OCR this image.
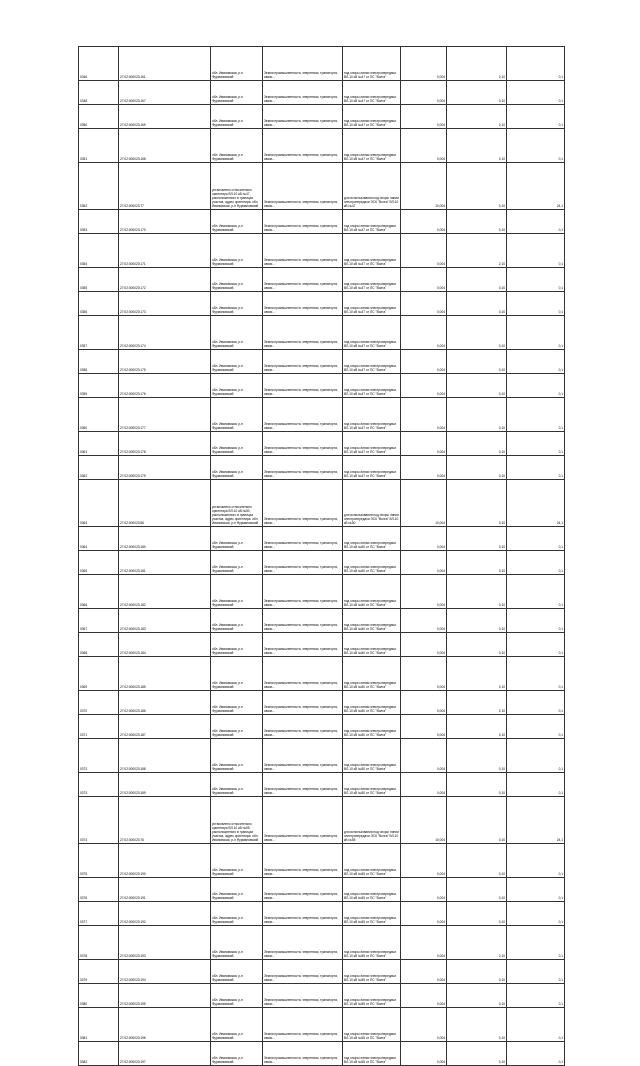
0346	27:02:000023:161	обл. Ивановская, р-н Фурмановский	Земли промышленности, энергетики, транспорта, связи…	под опоры линии электропередачи ВЛ-10 кВ №47 от ПС "Волга"	0,004	2,10	0,1
0348	27:02:000023:167	обл. Ивановская, р-н Фурмановский	Земли промышленности, энергетики, транспорта, связи…	под опоры линии электропередачи ВЛ-10 кВ №47 от ПС "Волга"	0,004	0,10	0,1
0350	27:02:000023:169	обл. Ивановская, р-н Фурмановский	Земли промышленности, энергетики, транспорта, связи…	под опоры линии электропередачи ВЛ-10 кВ №47 от ПС "Волга"	0,004	2,10	0,1
0351	27:02:000023:168	обл. Ивановская, р-н Фурмановский	Земли промышленности, энергетики, транспорта, связи…	под опоры линии электропередачи ВЛ-10 кВ №47 от ПС "Волга"	0,004	0,10	0,1
0352	27:02:000023:77	установлено относительно ориентира ВЛ-10 кВ №47, расположенного в границах участка, адрес ориентира: обл. Ивановская, р-н Фурмановский	Земли промышленности, энергетики, транспорта, связи…	для использования под опоры линии электропередачи ЭСК "Волга" ВЛ-10 кВ №47	10,004	0,10	24,1
0353	27:02:000023:170	обл. Ивановская, р-н Фурмановский	Земли промышленности, энергетики, транспорта, связи…	под опоры линии электропередачи ВЛ-10 кВ №47 от ПС "Волга"	0,004	0,10	0,1
0354	27:02:000023:171	обл. Ивановская, р-н Фурмановский	Земли промышленности, энергетики, транспорта, связи…	под опоры линии электропередачи ВЛ-10 кВ №47 от ПС "Волга"	0,004	2,10	0,1
0355	27:02:000023:172	обл. Ивановская, р-н Фурмановский	Земли промышленности, энергетики, транспорта, связи…	под опоры линии электропередачи ВЛ-10 кВ №47 от ПС "Волга"	0,004	0,10	0,1
0356	27:02:000023:173	обл. Ивановская, р-н Фурмановский	Земли промышленности, энергетики, транспорта, связи…	под опоры линии электропередачи ВЛ-10 кВ №47 от ПС "Волга"	0,004	0,10	0,1
0357	27:02:000023:174	обл. Ивановская, р-н Фурмановский	Земли промышленности, энергетики, транспорта, связи…	под опоры линии электропередачи ВЛ-10 кВ №47 от ПС "Волга"	0,004	0,10	0,1
0358	27:02:000023:175	обл. Ивановская, р-н Фурмановский	Земли промышленности, энергетики, транспорта, связи…	под опоры линии электропередачи ВЛ-10 кВ №47 от ПС "Волга"	0,004	0,10	0,1
0359	27:02:000023:176	обл. Ивановская, р-н Фурмановский	Земли промышленности, энергетики, транспорта, связи…	под опоры линии электропередачи ВЛ-10 кВ №47 от ПС "Волга"	0,004	0,10	0,1
0360	27:02:000023:177	обл. Ивановская, р-н Фурмановский	Земли промышленности, энергетики, транспорта, связи…	под опоры линии электропередачи ВЛ-10 кВ №47 от ПС "Волга"	0,004	0,10	0,1
0361	27:02:000023:178	обл. Ивановская, р-н Фурмановский	Земли промышленности, энергетики, транспорта, связи…	под опоры линии электропередачи ВЛ-10 кВ №47 от ПС "Волга"	0,004	0,10	0,1
0362	27:02:000023:179	обл. Ивановская, р-н Фурмановский	Земли промышленности, энергетики, транспорта, связи…	под опоры линии электропередачи ВЛ-10 кВ №47 от ПС "Волга"	0,004	0,10	0,1
0363	27:02:000023:56	установлено относительно ориентира ВЛ-10 кВ №50, расположенного в границах участка, адрес ориентира: обл. Ивановская, р-н Фурмановский	Земли промышленности, энергетики, транспорта, связи…	для использования под опоры линии электропередачи ЭСК "Волга" ВЛ-10 кВ №50	10,004	0,10	24,1
0364	27:02:000023:180	обл. Ивановская, р-н Фурмановский	Земли промышленности, энергетики, транспорта, связи…	под опоры линии электропередачи ВЛ-10 кВ №50 от ПС "Волга"	0,004	0,10	0,1
0365	27:02:000023:181	обл. Ивановская, р-н Фурмановский	Земли промышленности, энергетики, транспорта, связи…	под опоры линии электропередачи ВЛ-10 кВ №50 от ПС "Волга"	0,004	0,10	0,1
0366	27:02:000023:182	обл. Ивановская, р-н Фурмановский	Земли промышленности, энергетики, транспорта, связи…	под опоры линии электропередачи ВЛ-10 кВ №50 от ПС "Волга"	0,004	0,10	0,1
0367	27:02:000023:183	обл. Ивановская, р-н Фурмановский	Земли промышленности, энергетики, транспорта, связи…	под опоры линии электропередачи ВЛ-10 кВ №50 от ПС "Волга"	0,004	0,10	0,1
0368	27:02:000023:184	обл. Ивановская, р-н Фурмановский	Земли промышленности, энергетики, транспорта, связи…	под опоры линии электропередачи ВЛ-10 кВ №50 от ПС "Волга"	0,004	0,10	0,1
0369	27:02:000023:185	обл. Ивановская, р-н Фурмановский	Земли промышленности, энергетики, транспорта, связи…	под опоры линии электропередачи ВЛ-10 кВ №50 от ПС "Волга"	0,004	0,10	0,1
0370	27:02:000023:186	обл. Ивановская, р-н Фурмановский	Земли промышленности, энергетики, транспорта, связи…	под опоры линии электропередачи ВЛ-10 кВ №50 от ПС "Волга"	0,004	2,10	0,1
0371	27:02:000023:187	обл. Ивановская, р-н Фурмановский	Земли промышленности, энергетики, транспорта, связи…	под опоры линии электропередачи ВЛ-10 кВ №50 от ПС "Волга"	0,004	0,10	0,1
0372	27:02:000023:188	обл. Ивановская, р-н Фурмановский	Земли промышленности, энергетики, транспорта, связи…	под опоры линии электропередачи ВЛ-10 кВ №50 от ПС "Волга"	0,004	0,10	0,1
0373	27:02:000023:189	обл. Ивановская, р-н Фурмановский	Земли промышленности, энергетики, транспорта, связи…	под опоры линии электропередачи ВЛ-10 кВ №50 от ПС "Волга"	0,004	0,10	0,1
0374	27:02:000023:76	установлено относительно ориентира ВЛ-10 кВ №55, расположенного в границах участка, адрес ориентира: обл. Ивановская, р-н Фурмановский	Земли промышленности, энергетики, транспорта, связи…	для использования под опоры линии электропередачи ЭСК "Волга" ВЛ-10 кВ №55	10,004	0,10	24,1
0375	27:02:000023:190	обл. Ивановская, р-н Фурмановский	Земли промышленности, энергетики, транспорта, связи…	под опоры линии электропередачи ВЛ-10 кВ №55 от ПС "Волга"	0,004	0,10	0,1
0376	27:02:000023:191	обл. Ивановская, р-н Фурмановский	Земли промышленности, энергетики, транспорта, связи…	под опоры линии электропередачи ВЛ-10 кВ №55 от ПС "Волга"	0,004	0,10	0,1
0377	27:02:000023:192	обл. Ивановская, р-н Фурмановский	Земли промышленности, энергетики, транспорта, связи…	под опоры линии электропередачи ВЛ-10 кВ №55 от ПС "Волга"	0,004	0,10	0,1
0378	27:02:000023:193	обл. Ивановская, р-н Фурмановский	Земли промышленности, энергетики, транспорта, связи…	под опоры линии электропередачи ВЛ-10 кВ №55 от ПС "Волга"	0,004	2,10	0,1
0379	27:02:000023:194	обл. Ивановская, р-н Фурмановский	Земли промышленности, энергетики, транспорта, связи…	под опоры линии электропередачи ВЛ-10 кВ №55 от ПС "Волга"	0,004	0,10	0,1
0380	27:02:000023:195	обл. Ивановская, р-н Фурмановский	Земли промышленности, энергетики, транспорта, связи…	под опоры линии электропередачи ВЛ-10 кВ №55 от ПС "Волга"	0,004	0,10	0,1
0381	27:02:000023:196	обл. Ивановская, р-н Фурмановский	Земли промышленности, энергетики, транспорта, связи…	под опоры линии электропередачи ВЛ-10 кВ №55 от ПС "Волга"	0,004	0,10	0,1
0382	27:02:000023:197	обл. Ивановская, р-н Фурмановский	Земли промышленности, энергетики, транспорта, связи…	под опоры линии электропередачи ВЛ-10 кВ №55 от ПС "Волга"	0,004	0,10	0,1
